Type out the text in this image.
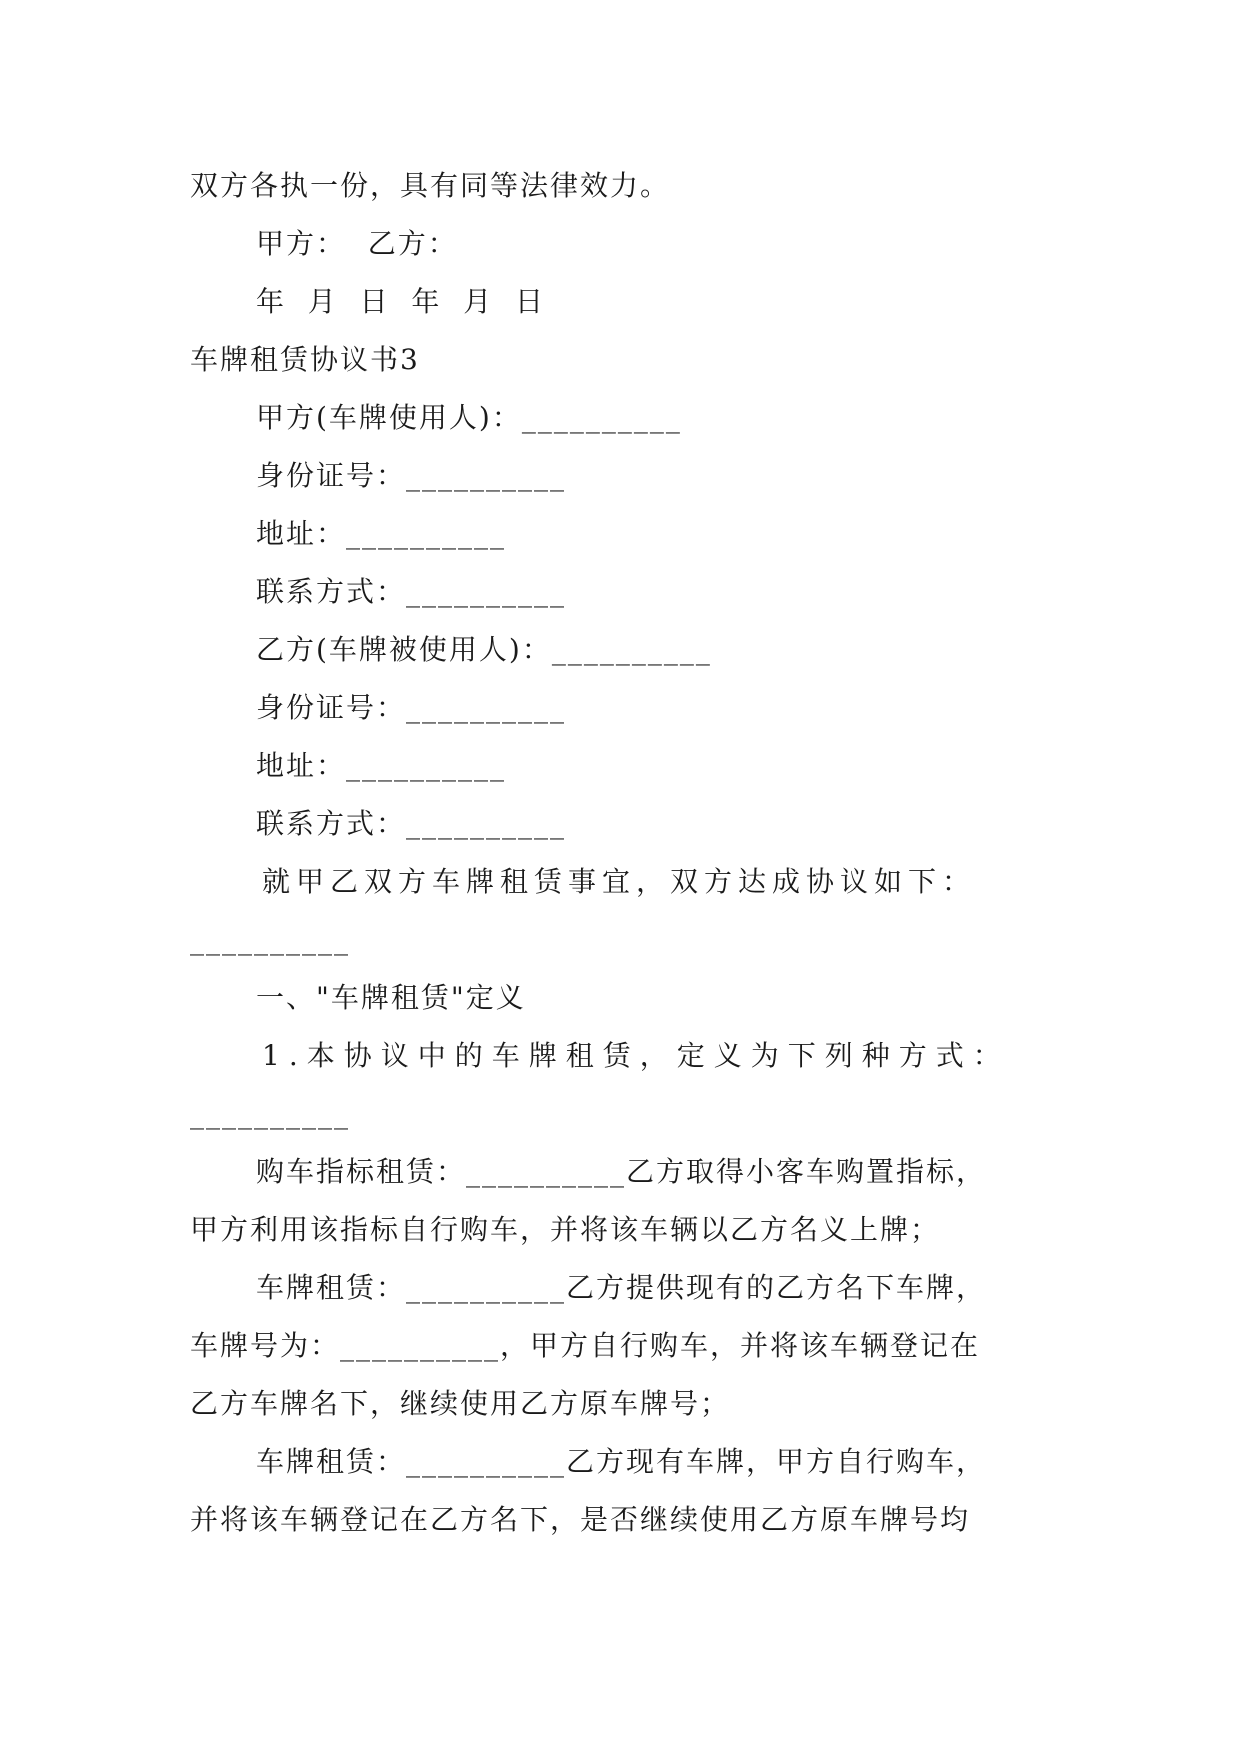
双方各执一份，具有同等法律效力。
甲方：  乙方：
年  月  日  年  月  日
车牌租赁协议书3
甲方(车牌使用人)：__________
身份证号：__________
地址：__________
联系方式：__________
乙方(车牌被使用人)：__________
身份证号：__________
地址：__________
联系方式：__________
就甲乙双方车牌租赁事宜，双方达成协议如下：
__________
一、"车牌租赁"定义
1.本协议中的车牌租赁，定义为下列种方式：
__________
购车指标租赁：__________乙方取得小客车购置指标，
甲方利用该指标自行购车，并将该车辆以乙方名义上牌；
车牌租赁：__________乙方提供现有的乙方名下车牌，
车牌号为：__________，甲方自行购车，并将该车辆登记在
乙方车牌名下，继续使用乙方原车牌号；
车牌租赁：__________乙方现有车牌，甲方自行购车，
并将该车辆登记在乙方名下，是否继续使用乙方原车牌号均
